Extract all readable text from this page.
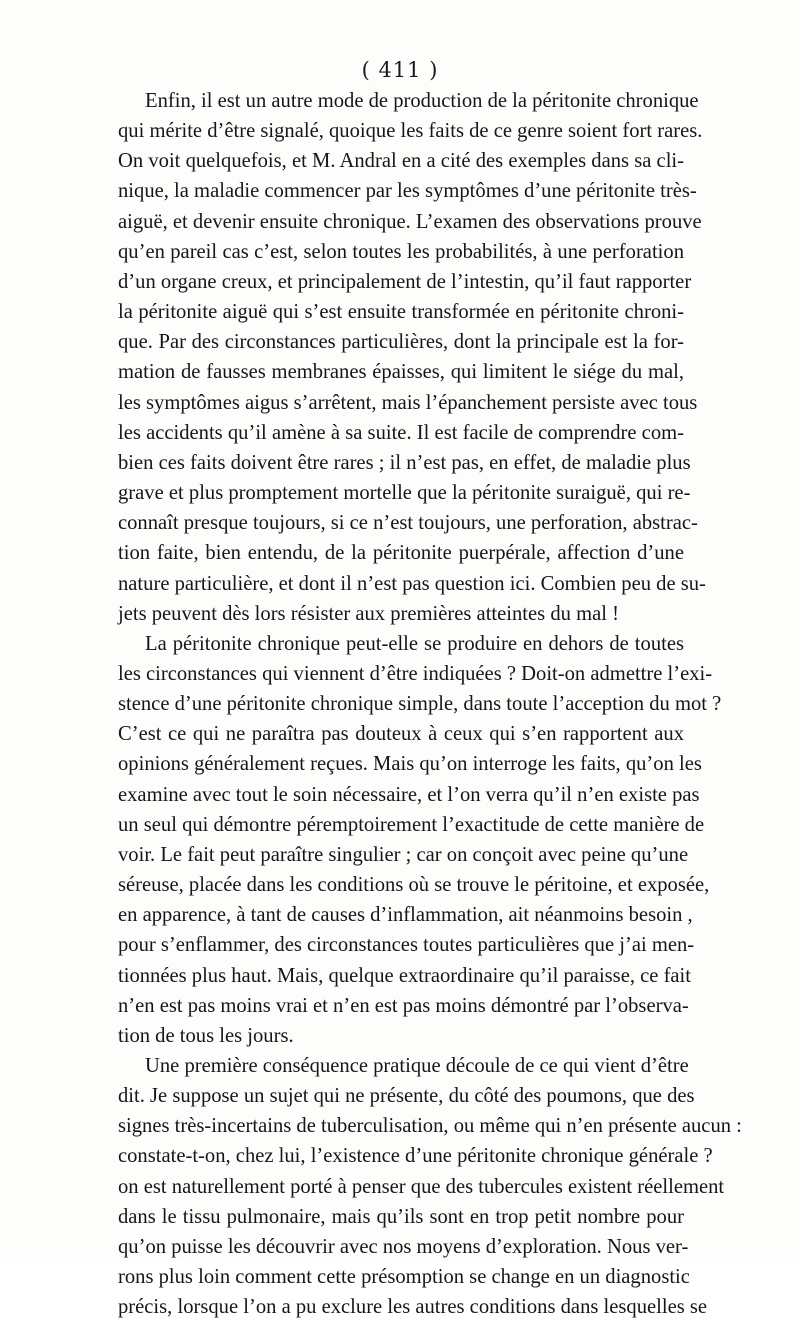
( 411 )
Enfin, il est un autre mode de production de la péritonite chronique
qui mérite d’être signalé, quoique les faits de ce genre soient fort rares.
On voit quelquefois, et M. Andral en a cité des exemples dans sa cli-
nique, la maladie commencer par les symptômes d’une péritonite très-
aiguë, et devenir ensuite chronique. L’examen des observations prouve
qu’en pareil cas c’est, selon toutes les probabilités, à une perforation
d’un organe creux, et principalement de l’intestin, qu’il faut rapporter
la péritonite aiguë qui s’est ensuite transformée en péritonite chroni-
que. Par des circonstances particulières, dont la principale est la for-
mation de fausses membranes épaisses, qui limitent le siége du mal,
les symptômes aigus s’arrêtent, mais l’épanchement persiste avec tous
les accidents qu’il amène à sa suite. Il est facile de comprendre com-
bien ces faits doivent être rares ; il n’est pas, en effet, de maladie plus
grave et plus promptement mortelle que la péritonite suraiguë, qui re-
connaît presque toujours, si ce n’est toujours, une perforation, abstrac-
tion faite, bien entendu, de la péritonite puerpérale, affection d’une
nature particulière, et dont il n’est pas question ici. Combien peu de su-
jets peuvent dès lors résister aux premières atteintes du mal !
La péritonite chronique peut-elle se produire en dehors de toutes
les circonstances qui viennent d’être indiquées ? Doit-on admettre l’exi-
stence d’une péritonite chronique simple, dans toute l’acception du mot ?
C’est ce qui ne paraîtra pas douteux à ceux qui s’en rapportent aux
opinions généralement reçues. Mais qu’on interroge les faits, qu’on les
examine avec tout le soin nécessaire, et l’on verra qu’il n’en existe pas
un seul qui démontre péremptoirement l’exactitude de cette manière de
voir. Le fait peut paraître singulier ; car on conçoit avec peine qu’une
séreuse, placée dans les conditions où se trouve le péritoine, et exposée,
en apparence, à tant de causes d’inflammation, ait néanmoins besoin ,
pour s’enflammer, des circonstances toutes particulières que j’ai men-
tionnées plus haut. Mais, quelque extraordinaire qu’il paraisse, ce fait
n’en est pas moins vrai et n’en est pas moins démontré par l’observa-
tion de tous les jours.
Une première conséquence pratique découle de ce qui vient d’être
dit. Je suppose un sujet qui ne présente, du côté des poumons, que des
signes très-incertains de tuberculisation, ou même qui n’en présente aucun :
constate-t-on, chez lui, l’existence d’une péritonite chronique générale ?
on est naturellement porté à penser que des tubercules existent réellement
dans le tissu pulmonaire, mais qu’ils sont en trop petit nombre pour
qu’on puisse les découvrir avec nos moyens d’exploration. Nous ver-
rons plus loin comment cette présomption se change en un diagnostic
précis, lorsque l’on a pu exclure les autres conditions dans lesquelles se
